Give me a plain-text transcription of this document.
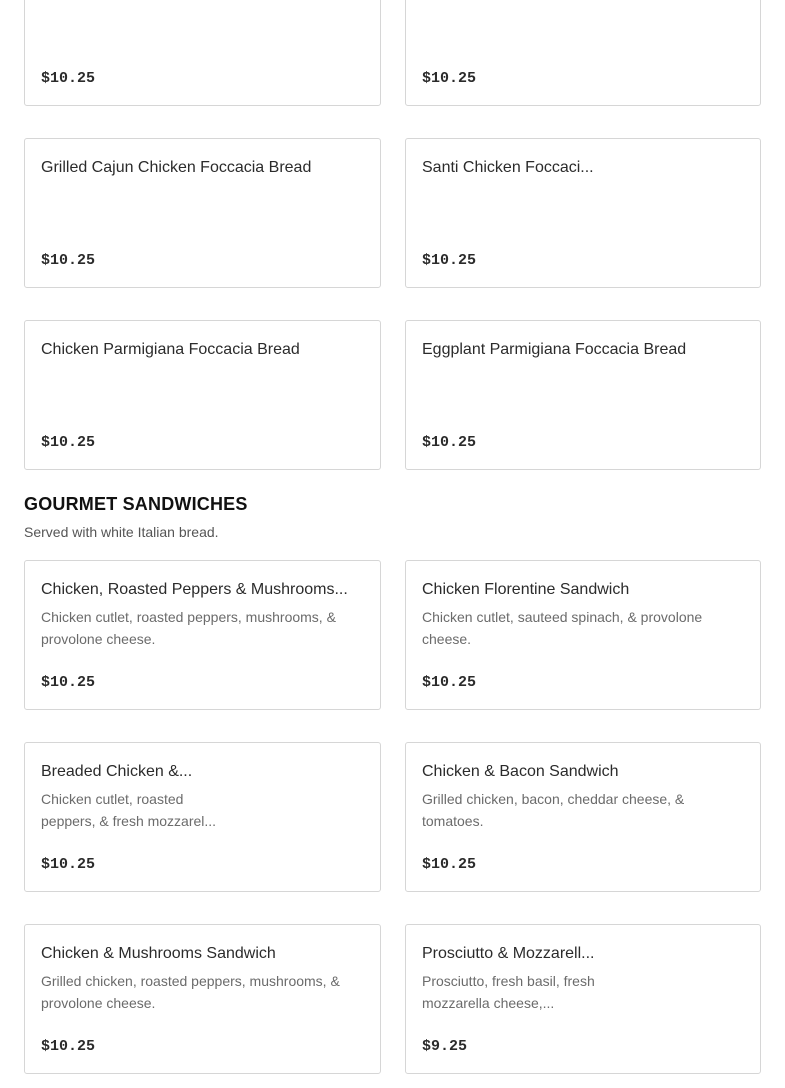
$10.25	$10.25
Grilled Cajun Chicken Foccacia Bread
$10.25
Santi Chicken Foccaci...
$10.25
Chicken Parmigiana Foccacia Bread
$10.25
Eggplant Parmigiana Foccacia Bread
$10.25
GOURMET SANDWICHES
Served with white Italian bread.
Chicken, Roasted Peppers & Mushrooms...
Chicken cutlet, roasted peppers, mushrooms, & provolone cheese.
$10.25
Chicken Florentine Sandwich
Chicken cutlet, sauteed spinach, & provolone cheese.
$10.25
Breaded Chicken &...
Chicken cutlet, roasted peppers, & fresh mozzarel...
$10.25
Chicken & Bacon Sandwich
Grilled chicken, bacon, cheddar cheese, & tomatoes.
$10.25
Chicken & Mushrooms Sandwich
Grilled chicken, roasted peppers, mushrooms, & provolone cheese.
$10.25
Prosciutto & Mozzarell...
Prosciutto, fresh basil, fresh mozzarella cheese,...
$9.25
